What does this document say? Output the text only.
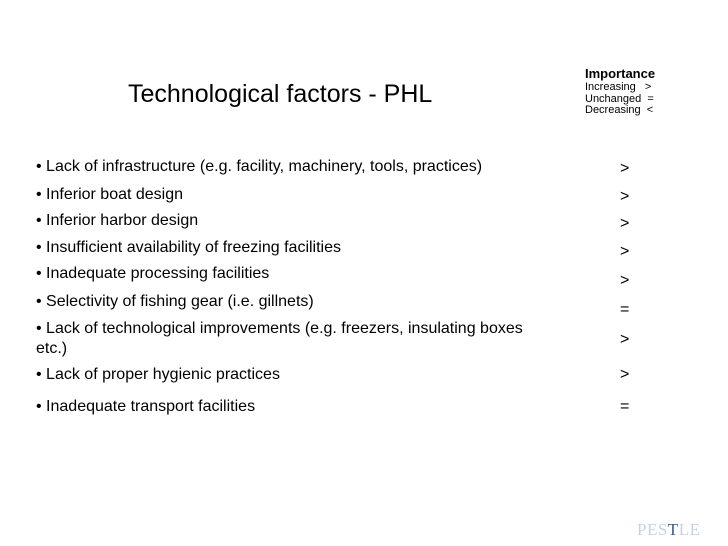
Technological factors - PHL
Importance
Increasing   >
Unchanged  =
Decreasing  <
• Lack of infrastructure (e.g. facility, machinery, tools, practices)
• Inferior boat design
• Inferior harbor design
• Insufficient availability of freezing facilities
• Inadequate processing facilities
• Selectivity of fishing gear (i.e. gillnets)
• Lack of technological improvements (e.g. freezers, insulating boxes etc.)
• Lack of proper hygienic practices
• Inadequate transport facilities
>
>
>
>
>
=
>
>
=
PESTLE
